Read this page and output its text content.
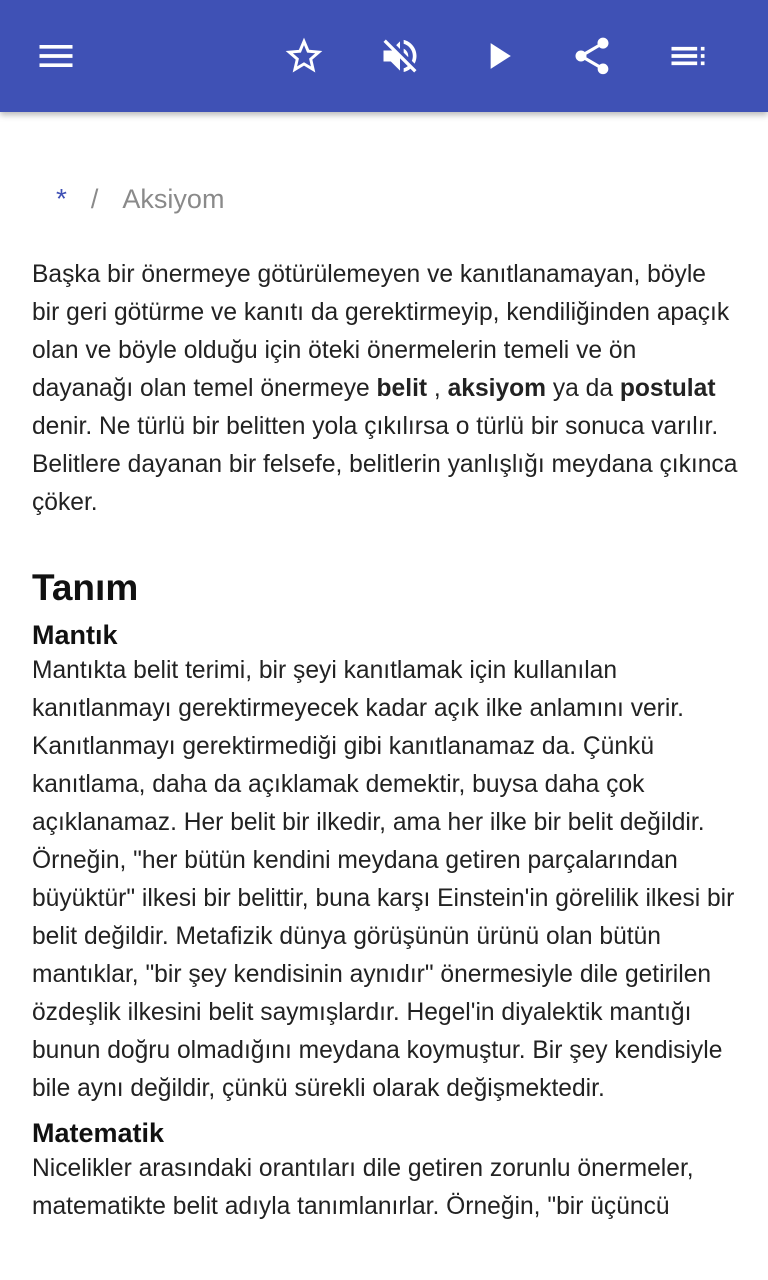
* / Aksiyom

Başka bir önermeye götürülemeyen ve kanıtlanamayan, böyle bir geri götürme ve kanıtı da gerektirmeyip, kendiliğinden apaçık olan ve böyle olduğu için öteki önermelerin temeli ve ön dayanağı olan temel önermeye belit , aksiyom ya da postulat denir. Ne türlü bir belitten yola çıkılırsa o türlü bir sonuca varılır. Belitlere dayanan bir felsefe, belitlerin yanlışlığı meydana çıkınca çöker.

Tanım
Mantık

Mantıkta belit terimi, bir şeyi kanıtlamak için kullanılan kanıtlanmayı gerektirmeyecek kadar açık ilke anlamını verir. Kanıtlanmayı gerektirmediği gibi kanıtlanamaz da. Çünkü kanıtlama, daha da açıklamak demektir, buysa daha çok açıklanamaz. Her belit bir ilkedir, ama her ilke bir belit değildir. Örneğin, "her bütün kendini meydana getiren parçalarından büyüktür" ilkesi bir belittir, buna karşı Einstein'in görelilik ilkesi bir belit değildir. Metafizik dünya görüşünün ürünü olan bütün mantıklar, "bir şey kendisinin aynıdır" önermesiyle dile getirilen özdeşlik ilkesini belit saymışlardır. Hegel'in diyalektik mantığı bunun doğru olmadığını meydana koymuştur. Bir şey kendisiyle bile aynı değildir, çünkü sürekli olarak değişmektedir.

Matematik

Nicelikler arasındaki orantıları dile getiren zorunlu önermeler, matematikte belit adıyla tanımlanırlar. Örneğin, "bir üçüncü
